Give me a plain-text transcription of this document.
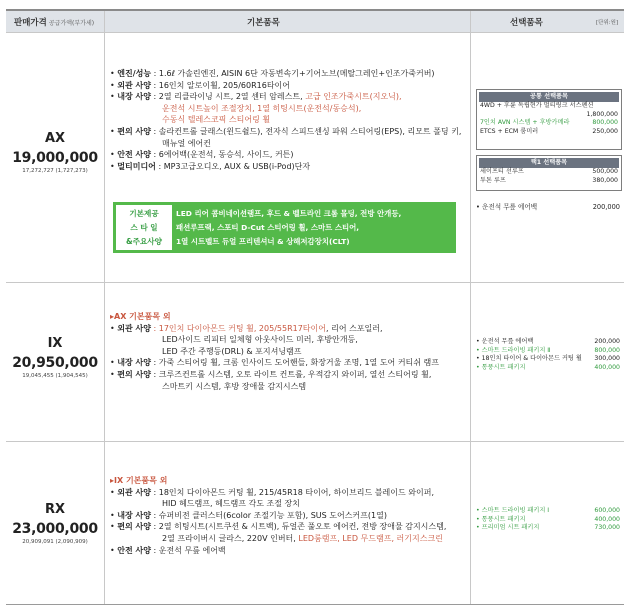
판매가격 공급가액(부가세)	기본품목	선택품목	[단위:원]
AX
19,000,000
17,272,727 (1,727,273)
• 엔진/성능 : 1.6ℓ 가솔린엔진, AISIN 6단 자동변속기+기어노브(메탈그레인+인조가죽커버)
• 외관 사양 : 16인치 알로이휠, 205/60R16타이어
• 내장 사양 : 2열 리클라이닝 시트, 2열 센터 암레스트, 고급 인조가죽시트(지오닉),
운전석 시트높이 조절장치, 1열 히팅시트(운전석/동승석),
수동식 텔레스코픽 스티어링 휠
• 편의 사양 : 솔라컨트롤 글래스(윈드쉴드), 전자식 스피드센싱 파워 스티어링(EPS), 리모트 폴딩 키,
매뉴얼 에어컨
• 안전 사양 : 6에어백(운전석, 동승석, 사이드, 커튼)
• 멀티미디어 : MP3고급오디오, AUX & USB(i-Pod)단자
기본제공
스 타 일
&주요사양
LED 리어 콤비네이션램프, 후드 & 벨트라인 크롬 몰딩, 전방 안개등,
패션루프랙, 스포티 D-Cut 스티어링 휠, 스마트 스티어,
1열 시트벨트 듀얼 프리텐셔너 & 상해저감장치(CLT)
공통 선택품목
4WD + 후륜 독립현가 멀티링크 서스펜션
1,800,000
7인치 AVN 시스템 + 후방카메라	800,000
ETCS + ECM 룸미러	250,000
택1 선택품목
세이프티 선루프	500,000
투톤 루프	380,000
• 운전석 무릎 에어백	200,000
IX
20,950,000
19,045,455 (1,904,545)
▸AX 기본품목 외
• 외관 사양 : 17인치 다이아몬드 커팅 휠, 205/55R17타이어, 리어 스포일러,
LED사이드 리피터 일체형 아웃사이드 미러, 후방안개등,
LED 주간 주행등(DRL) & 포지셔닝램프
• 내장 사양 : 가죽 스티어링 휠, 크롬 인사이드 도어핸들, 화장거울 조명, 1열 도어 커티쉬 램프
• 편의 사양 : 크루즈컨트롤 시스템, 오토 라이트 컨트롤, 우적감지 와이퍼, 열선 스티어링 휠,
스마트키 시스템, 후방 장애물 감지시스템
• 운전석 무릎 에어백	200,000
• 스마트 드라이빙 패키지 Ⅱ	800,000
• 18인치 타이어 & 다이아몬드 커팅 휠 300,000
• 통풍시트 패키지	400,000
RX
23,000,000
20,909,091 (2,090,909)
▸IX 기본품목 외
• 외관 사양 : 18인치 다이아몬드 커팅 휠, 215/45R18 타이어, 하이브리드 블레이드 와이퍼,
HID 헤드램프, 헤드램프 각도 조절 장치
• 내장 사양 : 슈퍼비전 클러스터(6color 조절기능 포함), SUS 도어스커프(1열)
• 편의 사양 : 2열 히팅시트(시트쿠션 & 시트백), 듀얼존 풀오토 에어컨, 전방 장애물 감지시스템,
2열 프라이버시 글라스, 220V 인버터, LED룸램프, LED 무드램프, 러기지스크린
• 안전 사양 : 운전석 무릎 에어백
• 스마트 드라이빙 패키지 I	600,000
• 통풍시트 패키지	400,000
• 프리미엄 시트 패키지	730,000
